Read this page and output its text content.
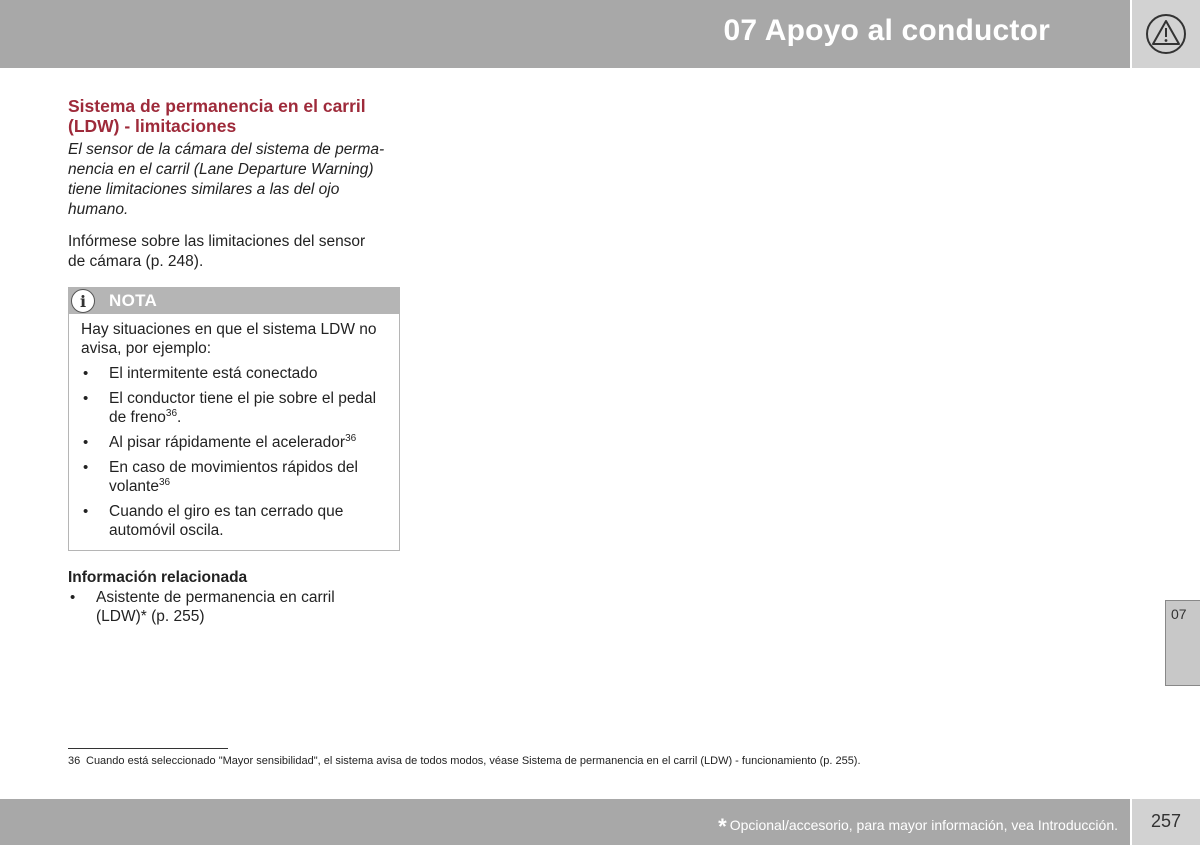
07 Apoyo al conductor
Sistema de permanencia en el carril
(LDW) - limitaciones

El sensor de la cámara del sistema de perma-
nencia en el carril (Lane Departure Warning)
tiene limitaciones similares a las del ojo
humano.

Infórmese sobre las limitaciones del sensor
de cámara (p. 248).

i	NOTA

Hay situaciones en que el sistema LDW no
avisa, por ejemplo:

• El intermitente está conectado
• El conductor tiene el pie sobre el pedal
de freno$^{36}$.
• Al pisar rápidamente el acelerador$^{36}$
• En caso de movimientos rápidos del
volante$^{36}$
• Cuando el giro es tan cerrado que
automóvil oscila.
Información relacionada
• Asistente de permanencia en carril
(LDW)* (p. 255)	07
36 Cuando está seleccionado "Mayor sensibilidad", el sistema avisa de todos modos, véase Sistema de permanencia en el carril (LDW) - funcionamiento (p. 255).
* Opcional/accesorio, para mayor información, vea Introducción.	257
